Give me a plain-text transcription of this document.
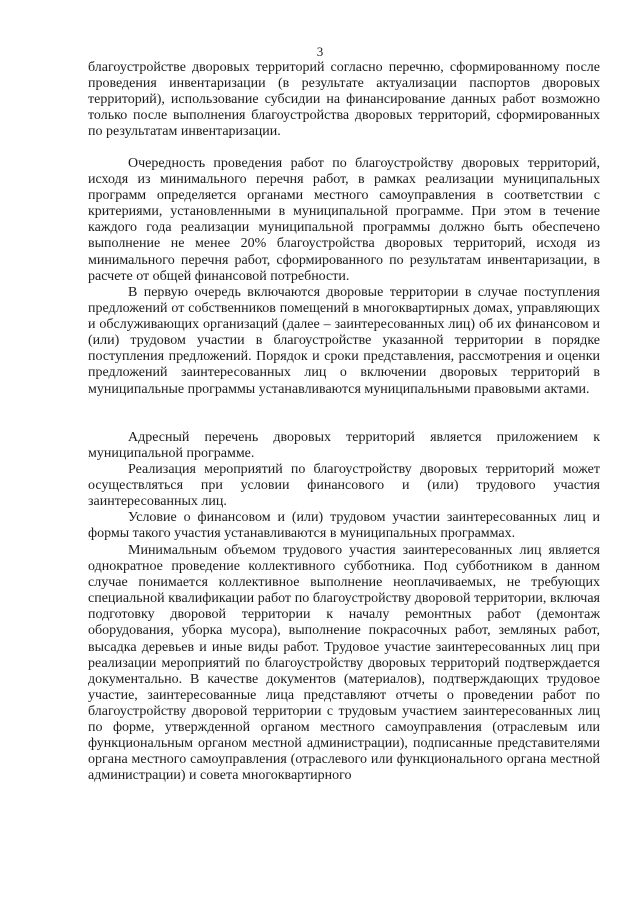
3

благоустройстве дворовых территорий согласно перечню, сформированному после проведения инвентаризации (в результате актуализации паспортов дворовых территорий), использование субсидии на финансирование данных работ возможно только после выполнения благоустройства дворовых территорий, сформированных по результатам инвентаризации.

Очередность проведения работ по благоустройству дворовых территорий, исходя из минимального перечня работ, в рамках реализации муниципальных программ определяется органами местного самоуправления в соответствии с критериями, установленными в муниципальной программе. При этом в течение каждого года реализации муниципальной программы должно быть обеспечено выполнение не менее 20% благоустройства дворовых территорий, исходя из минимального перечня работ, сформированного по результатам инвентаризации, в расчете от общей финансовой потребности.

В первую очередь включаются дворовые территории в случае поступления предложений от собственников помещений в многоквартирных домах, управляющих и обслуживающих организаций (далее – заинтересованных лиц) об их финансовом и (или) трудовом участии в благоустройстве указанной территории в порядке поступления предложений. Порядок и сроки представления, рассмотрения и оценки предложений заинтересованных лиц о включении дворовых территорий в муниципальные программы устанавливаются муниципальными правовыми актами.

Адресный перечень дворовых территорий является приложением к муниципальной программе.

Реализация мероприятий по благоустройству дворовых территорий может осуществляться при условии финансового и (или) трудового участия заинтересованных лиц.

Условие о финансовом и (или) трудовом участии заинтересованных лиц и формы такого участия устанавливаются в муниципальных программах.

Минимальным объемом трудового участия заинтересованных лиц является однократное проведение коллективного субботника. Под субботником в данном случае понимается коллективное выполнение неоплачиваемых, не требующих специальной квалификации работ по благоустройству дворовой территории, включая подготовку дворовой территории к началу ремонтных работ (демонтаж оборудования, уборка мусора), выполнение покрасочных работ, земляных работ, высадка деревьев и иные виды работ. Трудовое участие заинтересованных лиц при реализации мероприятий по благоустройству дворовых территорий подтверждается документально. В качестве документов (материалов), подтверждающих трудовое участие, заинтересованные лица представляют отчеты о проведении работ по благоустройству дворовой территории с трудовым участием заинтересованных лиц по форме, утвержденной органом местного самоуправления (отраслевым или функциональным органом местной администрации), подписанные представителями органа местного самоуправления (отраслевого или функционального органа местной администрации) и совета многоквартирного
